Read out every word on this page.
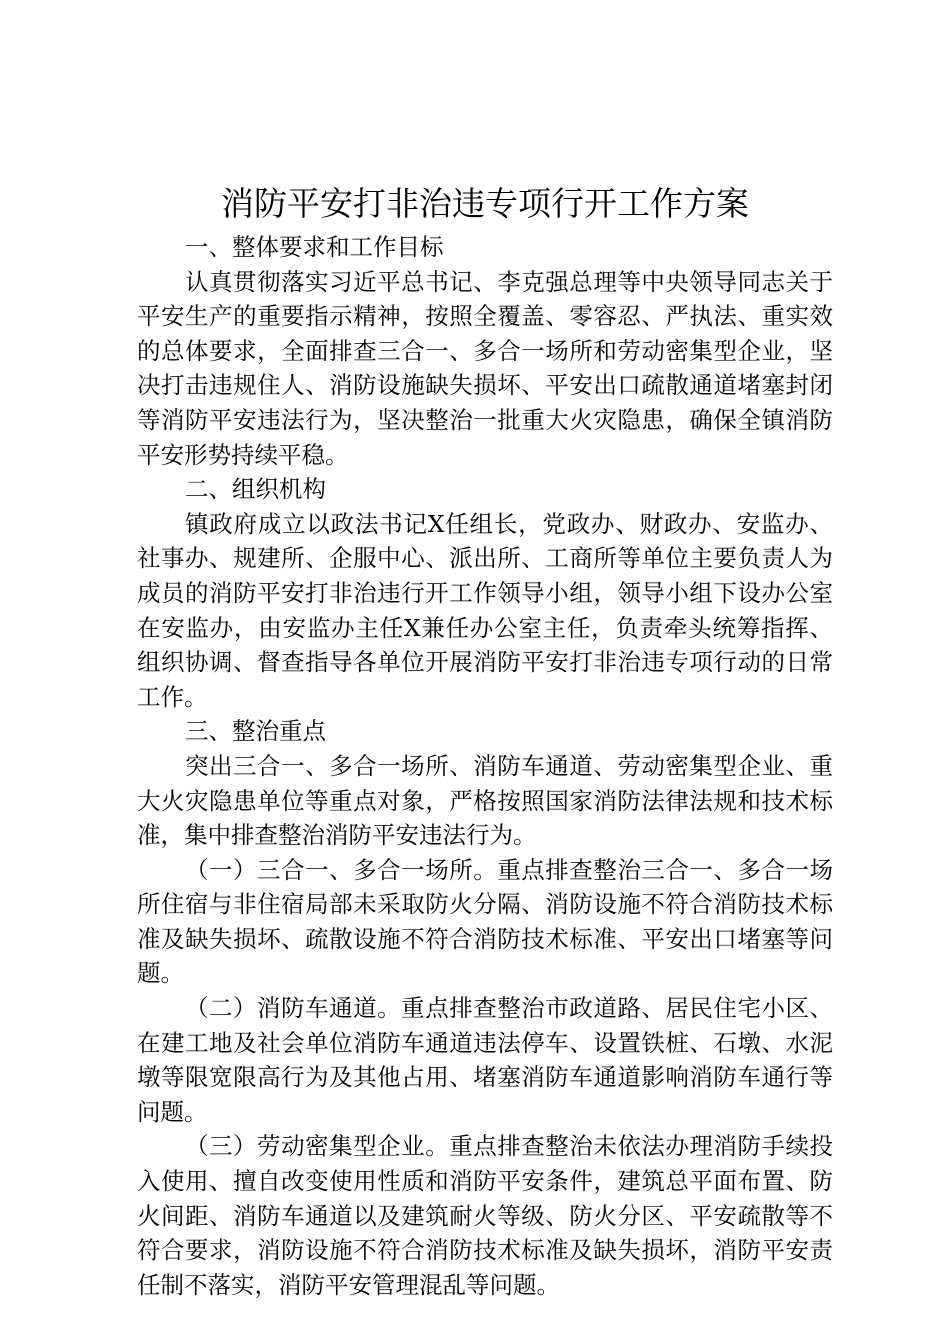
消防平安打非治违专项行开工作方案

一、整体要求和工作目标

认真贯彻落实习近平总书记、李克强总理等中央领导同志关于平安生产的重要指示精神，按照全覆盖、零容忍、严执法、重实效的总体要求，全面排查三合一、多合一场所和劳动密集型企业，坚决打击违规住人、消防设施缺失损坏、平安出口疏散通道堵塞封闭等消防平安违法行为，坚决整治一批重大火灾隐患，确保全镇消防平安形势持续平稳。

二、组织机构

镇政府成立以政法书记X任组长，党政办、财政办、安监办、社事办、规建所、企服中心、派出所、工商所等单位主要负责人为成员的消防平安打非治违行开工作领导小组，领导小组下设办公室在安监办，由安监办主任X兼任办公室主任，负责牵头统筹指挥、组织协调、督查指导各单位开展消防平安打非治违专项行动的日常工作。

三、整治重点

突出三合一、多合一场所、消防车通道、劳动密集型企业、重大火灾隐患单位等重点对象，严格按照国家消防法律法规和技术标准，集中排查整治消防平安违法行为。

（一）三合一、多合一场所。重点排查整治三合一、多合一场所住宿与非住宿局部未采取防火分隔、消防设施不符合消防技术标准及缺失损坏、疏散设施不符合消防技术标准、平安出口堵塞等问题。

（二）消防车通道。重点排查整治市政道路、居民住宅小区、在建工地及社会单位消防车通道违法停车、设置铁桩、石墩、水泥墩等限宽限高行为及其他占用、堵塞消防车通道影响消防车通行等问题。

（三）劳动密集型企业。重点排查整治未依法办理消防手续投入使用、擅自改变使用性质和消防平安条件，建筑总平面布置、防火间距、消防车通道以及建筑耐火等级、防火分区、平安疏散等不符合要求，消防设施不符合消防技术标准及缺失损坏，消防平安责任制不落实，消防平安管理混乱等问题。
